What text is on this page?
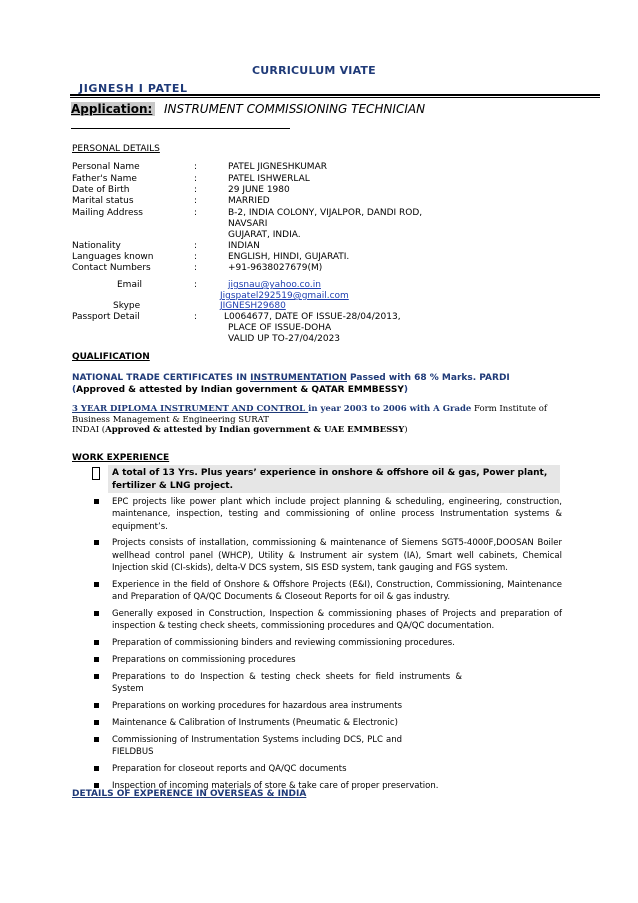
CURRICULUM VIATE
JIGNESH I PATEL
Application: INSTRUMENT COMMISSIONING TECHNICIAN
PERSONAL DETAILS
Personal Name	:	PATEL JIGNESHKUMAR
Father's Name	:	PATEL ISHWERLAL
Date of Birth	:	29 JUNE 1980
Marital status	:	MARRIED
Mailing Address	:	B-2, INDIA COLONY, VIJALPOR, DANDI ROD,
NAVSARI
GUJARAT, INDIA.
Nationality	:	INDIAN
Languages known	:	ENGLISH, HINDI, GUJARATI.
Contact Numbers	:	+91-9638027679(M)
Email	:	jigsnau@yahoo.co.in
Jigspatel292519@gmail.com
Skype	JIGNESH29680
Passport Detail	:	L0064677, DATE OF ISSUE-28/04/2013,
PLACE OF ISSUE-DOHA
VALID UP TO-27/04/2023
QUALIFICATION
NATIONAL TRADE CERTIFICATES IN INSTRUMENTATION Passed with 68 % Marks. PARDI
(Approved & attested by Indian government & QATAR EMMBESSY)
3 YEAR DIPLOMA INSTRUMENT AND CONTROL in year 2003 to 2006 with A Grade Form Institute of
Business Management & Engineering SURAT
INDAI (Approved & attested by Indian government & UAE EMMBESSY)
WORK EXPERIENCE
A total of 13 Yrs. Plus years’ experience in onshore & offshore oil & gas, Power plant, fertilizer & LNG project.
EPC projects like power plant which include project planning & scheduling, engineering, construction, maintenance, inspection, testing and commissioning of online process Instrumentation systems & equipment’s.
Projects consists of installation, commissioning & maintenance of Siemens SGT5-4000F,DOOSAN Boiler wellhead control panel (WHCP), Utility & Instrument air system (IA), Smart well cabinets, Chemical Injection skid (CI-skids), delta-V DCS system, SIS ESD system, tank gauging and FGS system.
Experience in the field of Onshore & Offshore Projects (E&I), Construction, Commissioning, Maintenance and Preparation of QA/QC Documents & Closeout Reports for oil & gas industry.
Generally exposed in Construction, Inspection & commissioning phases of Projects and preparation of inspection & testing check sheets, commissioning procedures and QA/QC documentation.
Preparation of commissioning binders and reviewing commissioning procedures.
Preparations on commissioning procedures
Preparations to do Inspection & testing check sheets for field instruments & System
Preparations on working procedures for hazardous area instruments
Maintenance & Calibration of Instruments (Pneumatic & Electronic)
Commissioning of Instrumentation Systems including DCS, PLC and FIELDBUS
Preparation for closeout reports and QA/QC documents
Inspection of incoming materials of store & take care of proper preservation.
DETAILS OF EXPERENCE IN OVERSEAS & INDIA
